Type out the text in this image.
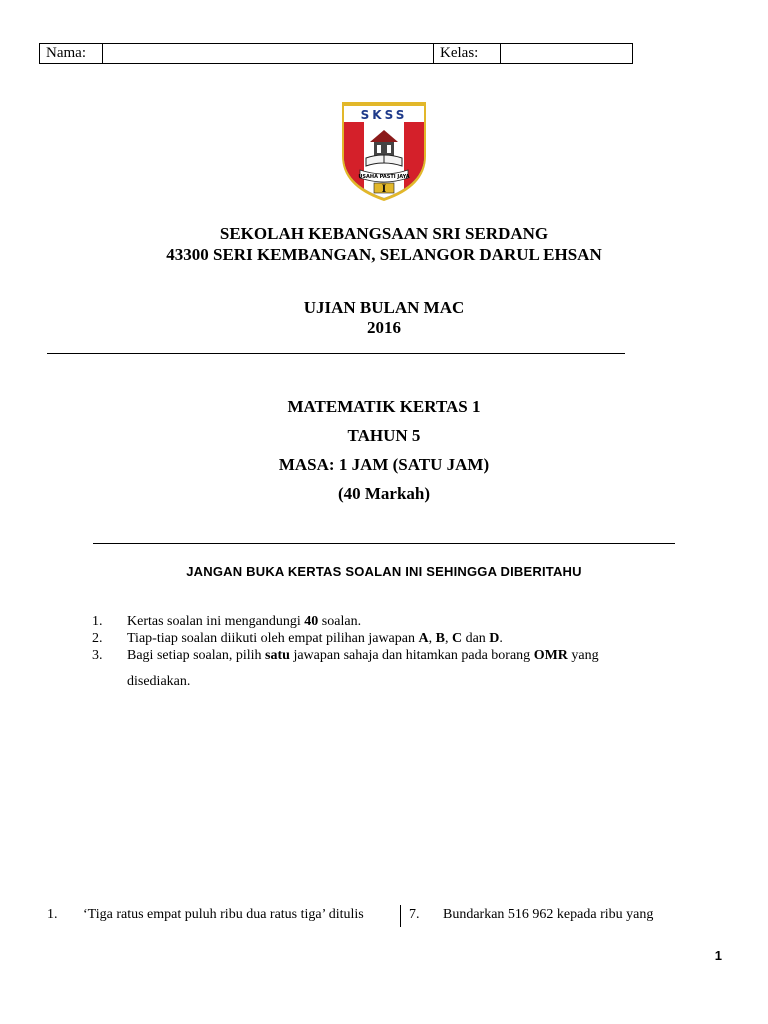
Nama:	Kelas:
SKSS
USAHA PASTI JAYA
I
SEKOLAH KEBANGSAAN SRI SERDANG
43300 SERI KEMBANGAN, SELANGOR DARUL EHSAN
UJIAN BULAN MAC
2016
MATEMATIK KERTAS 1
TAHUN 5
MASA: 1 JAM (SATU JAM)
(40 Markah)
JANGAN BUKA KERTAS SOALAN INI SEHINGGA DIBERITAHU
1. Kertas soalan ini mengandungi 40 soalan.
2. Tiap-tiap soalan diikuti oleh empat pilihan jawapan A, B, C dan D.
3. Bagi setiap soalan, pilih satu jawapan sahaja dan hitamkan pada borang OMR yang
disediakan.
1. ‘Tiga ratus empat puluh ribu dua ratus tiga’ ditulis	7. Bundarkan 516 962 kepada ribu yang
1
